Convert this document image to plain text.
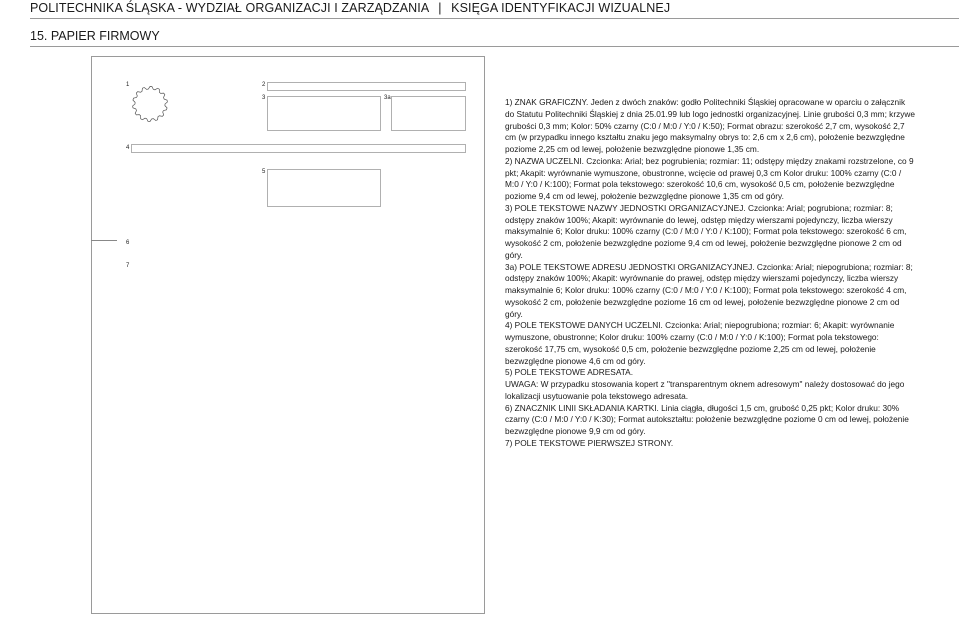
POLITECHNIKA ŚLĄSKA - WYDZIAŁ ORGANIZACJI I ZARZĄDZANIA | KSIĘGA IDENTYFIKACJI WIZUALNEJ
15. PAPIER FIRMOWY
1	2
3	3a
4
5
6
7

1) ZNAK GRAFICZNY. Jeden z dwóch znaków: godło Politechniki Śląskiej opracowane w oparciu o załącznik do Statutu Politechniki Śląskiej z dnia 25.01.99 lub logo jednostki organizacyjnej. Linie grubości 0,3 mm; krzywe grubości 0,3 mm; Kolor: 50% czarny (C:0 / M:0 / Y:0 / K:50); Format obrazu: szerokość 2,7 cm, wysokość 2,7 cm (w przypadku innego kształtu znaku jego maksymalny obrys to: 2,6 cm x 2,6 cm), położenie bezwzględne poziome 2,25 cm od lewej, położenie bezwzględne pionowe 1,35 cm.

2) NAZWA UCZELNI. Czcionka: Arial; bez pogrubienia; rozmiar: 11; odstępy między znakami rozstrzelone, co 9 pkt; Akapit: wyrównanie wymuszone, obustronne, wcięcie od prawej 0,3 cm Kolor druku: 100% czarny (C:0 / M:0 / Y:0 / K:100); Format pola tekstowego: szerokość 10,6 cm, wysokość 0,5 cm, położenie bezwzględne poziome 9,4 cm od lewej, położenie bezwzględne pionowe 1,35 cm od góry.

3) POLE TEKSTOWE NAZWY JEDNOSTKI ORGANIZACYJNEJ. Czcionka: Arial; pogrubiona; rozmiar: 8; odstępy znaków 100%; Akapit: wyrównanie do lewej, odstęp między wierszami pojedynczy, liczba wierszy maksymalnie 6; Kolor druku: 100% czarny (C:0 / M:0 / Y:0 / K:100); Format pola tekstowego: szerokość 6 cm, wysokość 2 cm, położenie bezwzględne poziome 9,4 cm od lewej, położenie bezwzględne pionowe 2 cm od góry.

3a) POLE TEKSTOWE ADRESU JEDNOSTKI ORGANIZACYJNEJ. Czcionka: Arial; niepogrubiona; rozmiar: 8; odstępy znaków 100%; Akapit: wyrównanie do prawej, odstęp między wierszami pojedynczy, liczba wierszy maksymalnie 6; Kolor druku: 100% czarny (C:0 / M:0 / Y:0 / K:100); Format pola tekstowego: szerokość 4 cm, wysokość 2 cm, położenie bezwzględne poziome 16 cm od lewej, położenie bezwzględne pionowe 2 cm od góry.

4) POLE TEKSTOWE DANYCH UCZELNI. Czcionka: Arial; niepogrubiona; rozmiar: 6; Akapit: wyrównanie wymuszone, obustronne; Kolor druku: 100% czarny (C:0 / M:0 / Y:0 / K:100); Format pola tekstowego: szerokość 17,75 cm, wysokość 0,5 cm, położenie bezwzględne poziome 2,25 cm od lewej, położenie bezwzględne pionowe 4,6 cm od góry.

5) POLE TEKSTOWE ADRESATA.

UWAGA: W przypadku stosowania kopert z "transparentnym oknem adresowym" należy dostosować do jego lokalizacji usytuowanie pola tekstowego adresata.

6) ZNACZNIK LINII SKŁADANIA KARTKI. Linia ciągła, długości 1,5 cm, grubość 0,25 pkt; Kolor druku: 30% czarny (C:0 / M:0 / Y:0 / K:30); Format autokształtu: położenie bezwzględne poziome 0 cm od lewej, położenie bezwzględne pionowe 9,9 cm od góry.

7) POLE TEKSTOWE PIERWSZEJ STRONY.
